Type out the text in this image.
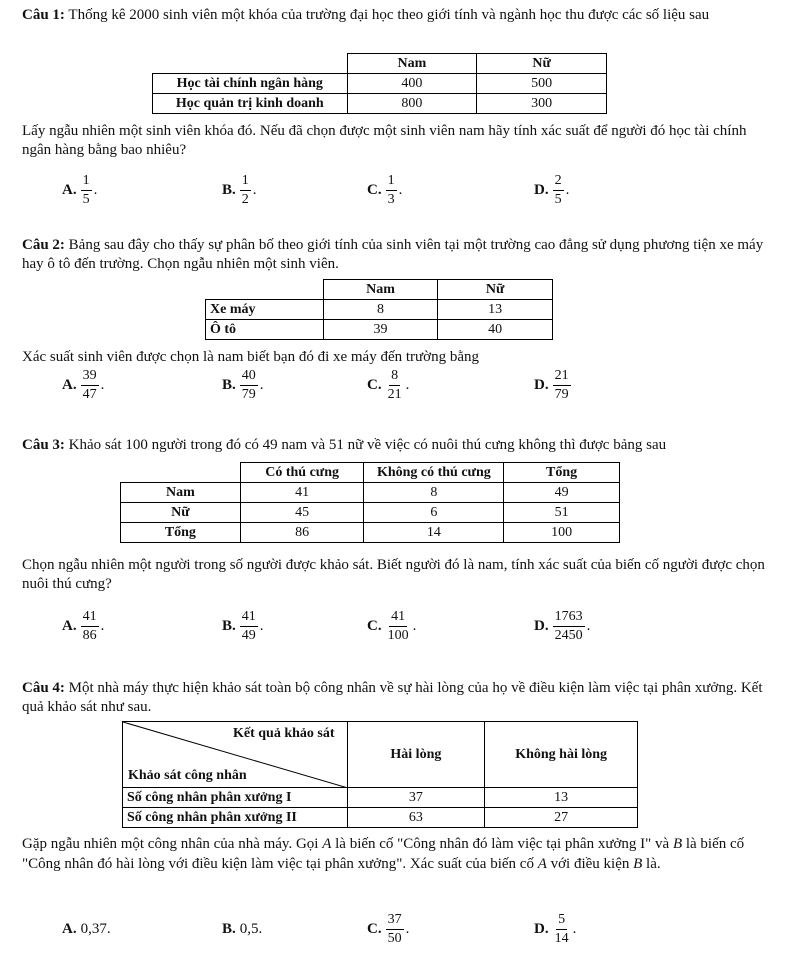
Câu 1: Thống kê 2000 sinh viên một khóa của trường đại học theo giới tính và ngành học thu được các số liệu sau

	Nam	Nữ
Học tài chính ngân hàng	400	500
Học quản trị kinh doanh	800	300

Lấy ngẫu nhiên một sinh viên khóa đó. Nếu đã chọn được một sinh viên nam hãy tính xác suất để người đó học tài chính ngân hàng bằng bao nhiêu?

A. $\frac{1}{5}$ .	B. $\frac{1}{2}$ .	C. $\frac{1}{3}$ .	D. $\frac{2}{5}$ .

Câu 2: Bảng sau đây cho thấy sự phân bố theo giới tính của sinh viên tại một trường cao đẳng sử dụng phương tiện xe máy hay ô tô đến trường. Chọn ngẫu nhiên một sinh viên.

	Nam	Nữ
Xe máy	8	13
Ô tô	39	40

Xác suất sinh viên được chọn là nam biết bạn đó đi xe máy đến trường bằng

A. $\frac{39}{47}$ .	B. $\frac{40}{79}$ .	C. $\frac{8}{21}$ .	D. $\frac{21}{79}$

Câu 3: Khảo sát 100 người trong đó có 49 nam và 51 nữ về việc có nuôi thú cưng không thì được bảng sau

	Có thú cưng	Không có thú cưng	Tổng
Nam	41	8	49
Nữ	45	6	51
Tổng	86	14	100

Chọn ngẫu nhiên một người trong số người được khảo sát. Biết người đó là nam, tính xác suất của biến cố người được chọn nuôi thú cưng?

A. $\frac{41}{86}$ .	B. $\frac{41}{49}$ .	C. $\frac{41}{100}$ .	D. $\frac{1763}{2450}$ .

Câu 4: Một nhà máy thực hiện khảo sát toàn bộ công nhân về sự hài lòng của họ về điều kiện làm việc tại phân xưởng. Kết quả khảo sát như sau.

Kết quả khảo sát
Khảo sát công nhân	Hài lòng	Không hài lòng
Số công nhân phân xưởng I	37	13
Số công nhân phân xưởng II	63	27

Gặp ngẫu nhiên một công nhân của nhà máy. Gọi A là biến cố "Công nhân đó làm việc tại phân xưởng I" và B là biến cố "Công nhân đó hài lòng với điều kiện làm việc tại phân xưởng". Xác suất của biến cố A với điều kiện B là.

A. 0,37.	B. 0,5.	C. $\frac{37}{50}$ .	D. $\frac{5}{14}$ .
